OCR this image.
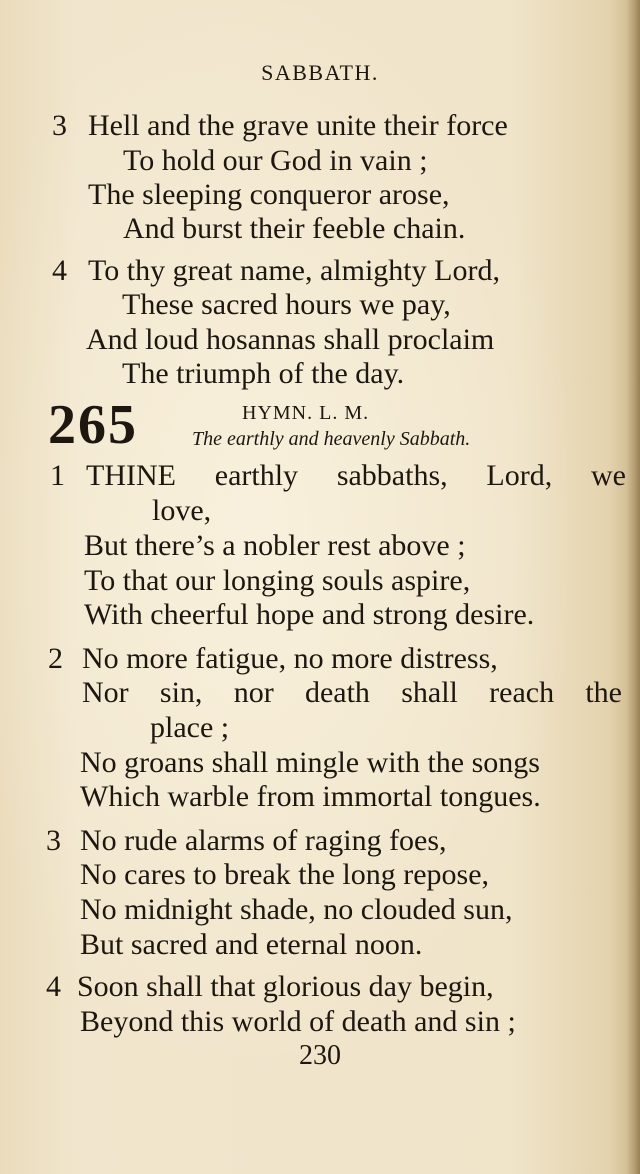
SABBATH.
3 Hell and the grave unite their force
To hold our God in vain ;
The sleeping conqueror arose,
And burst their feeble chain.
4 To thy great name, almighty Lord,
These sacred hours we pay,
And loud hosannas shall proclaim
The triumph of the day.
265	HYMN. L. M.
The earthly and heavenly Sabbath.
1 THINE earthly sabbaths, Lord, we
love,
But there’s a nobler rest above ;
To that our longing souls aspire,
With cheerful hope and strong desire.
2 No more fatigue, no more distress,
Nor sin, nor death shall reach the
place ;
No groans shall mingle with the songs
Which warble from immortal tongues.
3 No rude alarms of raging foes,
No cares to break the long repose,
No midnight shade, no clouded sun,
But sacred and eternal noon.
4 Soon shall that glorious day begin,
Beyond this world of death and sin ;
230
